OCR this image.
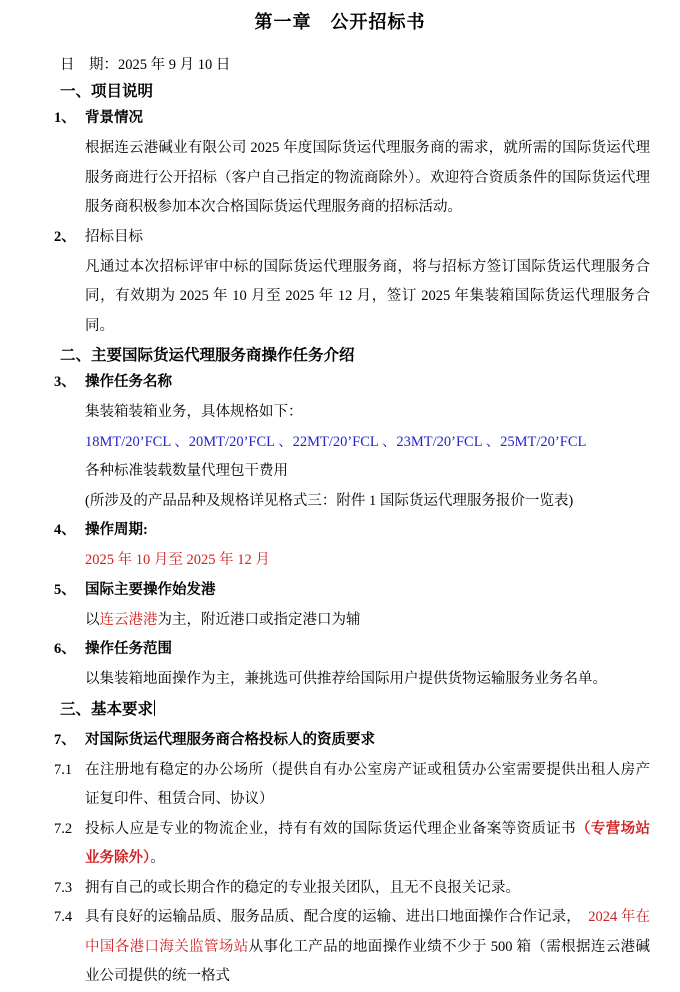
第一章　公开招标书
日　期：2025 年 9 月 10 日
一、项目说明
1、 背景情况
根据连云港碱业有限公司 2025 年度国际货运代理服务商的需求，就所需的国际货运代理服务商进行公开招标（客户自己指定的物流商除外）。欢迎符合资质条件的国际货运代理服务商积极参加本次合格国际货运代理服务商的招标活动。
2、 招标目标
凡通过本次招标评审中标的国际货运代理服务商，将与招标方签订国际货运代理服务合同，有效期为 2025 年 10 月至 2025 年 12 月，签订 2025 年集装箱国际货运代理服务合同。
二、主要国际货运代理服务商操作任务介绍
3、 操作任务名称
集装箱装箱业务，具体规格如下：
18MT/20’FCL 、20MT/20’FCL 、22MT/20’FCL 、23MT/20’FCL 、25MT/20’FCL
各种标准装载数量代理包干费用
(所涉及的产品品种及规格详见格式三：附件 1 国际货运代理服务报价一览表)
4、 操作周期:
2025 年 10 月至 2025 年 12 月
5、 国际主要操作始发港
以连云港港为主，附近港口或指定港口为辅
6、 操作任务范围
以集装箱地面操作为主，兼挑选可供推荐给国际用户提供货物运输服务业务名单。
三、基本要求
7、 对国际货运代理服务商合格投标人的资质要求
7.1 在注册地有稳定的办公场所（提供自有办公室房产证或租赁办公室需要提供出租人房产证复印件、租赁合同、协议）
7.2 投标人应是专业的物流企业，持有有效的国际货运代理企业备案等资质证书（专营场站业务除外）。
7.3 拥有自己的或长期合作的稳定的专业报关团队，且无不良报关记录。
7.4 具有良好的运输品质、服务品质、配合度的运输、进出口地面操作合作记录，  2024 年在中国各港口海关监管场站从事化工产品的地面操作业绩不少于 500 箱（需根据连云港碱业公司提供的统一格式
